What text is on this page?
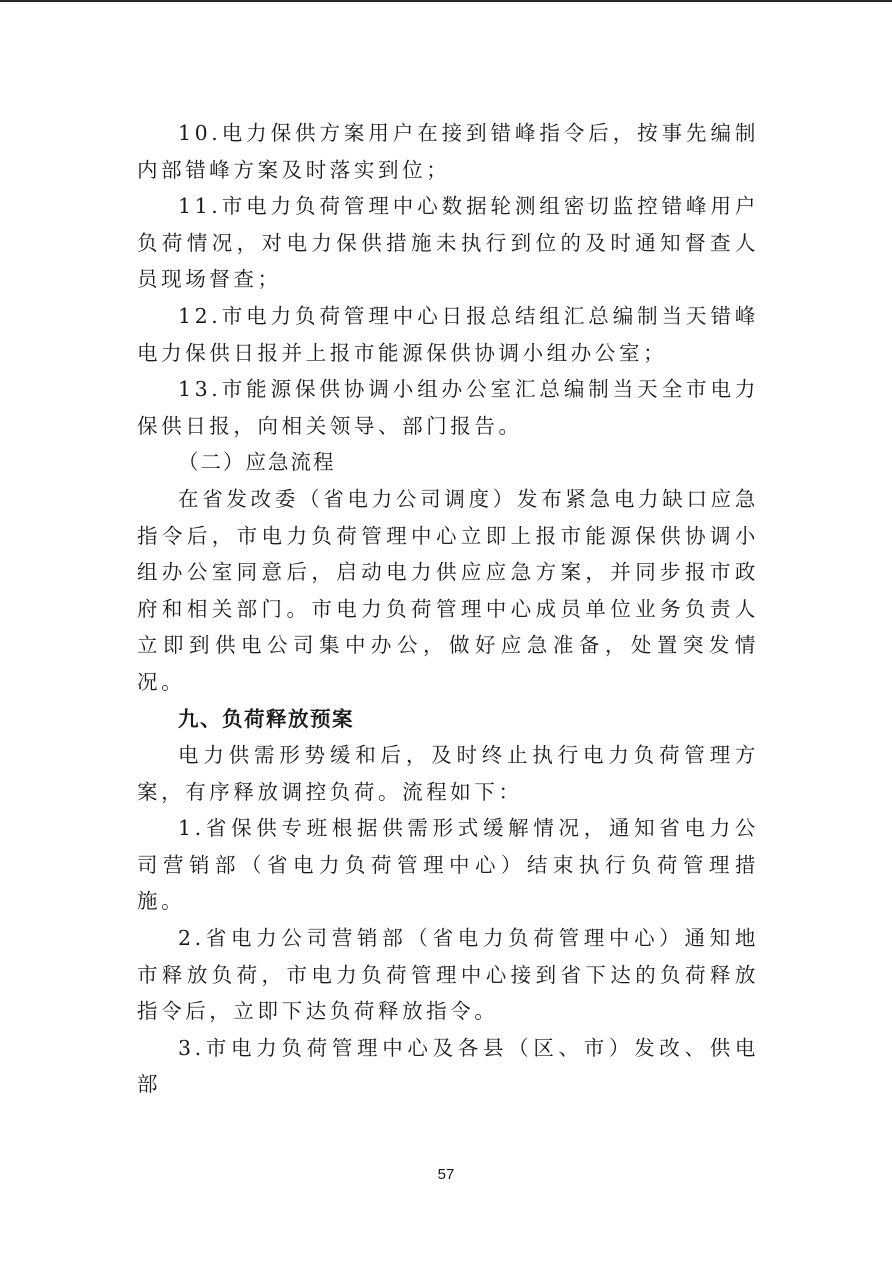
10.电力保供方案用户在接到错峰指令后，按事先编制内部错峰方案及时落实到位；

11.市电力负荷管理中心数据轮测组密切监控错峰用户负荷情况，对电力保供措施未执行到位的及时通知督查人员现场督查；

12.市电力负荷管理中心日报总结组汇总编制当天错峰电力保供日报并上报市能源保供协调小组办公室；

13.市能源保供协调小组办公室汇总编制当天全市电力保供日报，向相关领导、部门报告。

（二）应急流程

在省发改委（省电力公司调度）发布紧急电力缺口应急指令后，市电力负荷管理中心立即上报市能源保供协调小组办公室同意后，启动电力供应应急方案，并同步报市政府和相关部门。市电力负荷管理中心成员单位业务负责人立即到供电公司集中办公，做好应急准备，处置突发情况。

九、负荷释放预案

电力供需形势缓和后，及时终止执行电力负荷管理方案，有序释放调控负荷。流程如下：

1.省保供专班根据供需形式缓解情况，通知省电力公司营销部（省电力负荷管理中心）结束执行负荷管理措施。

2.省电力公司营销部（省电力负荷管理中心）通知地市释放负荷，市电力负荷管理中心接到省下达的负荷释放指令后，立即下达负荷释放指令。

3.市电力负荷管理中心及各县（区、市）发改、供电部

57
